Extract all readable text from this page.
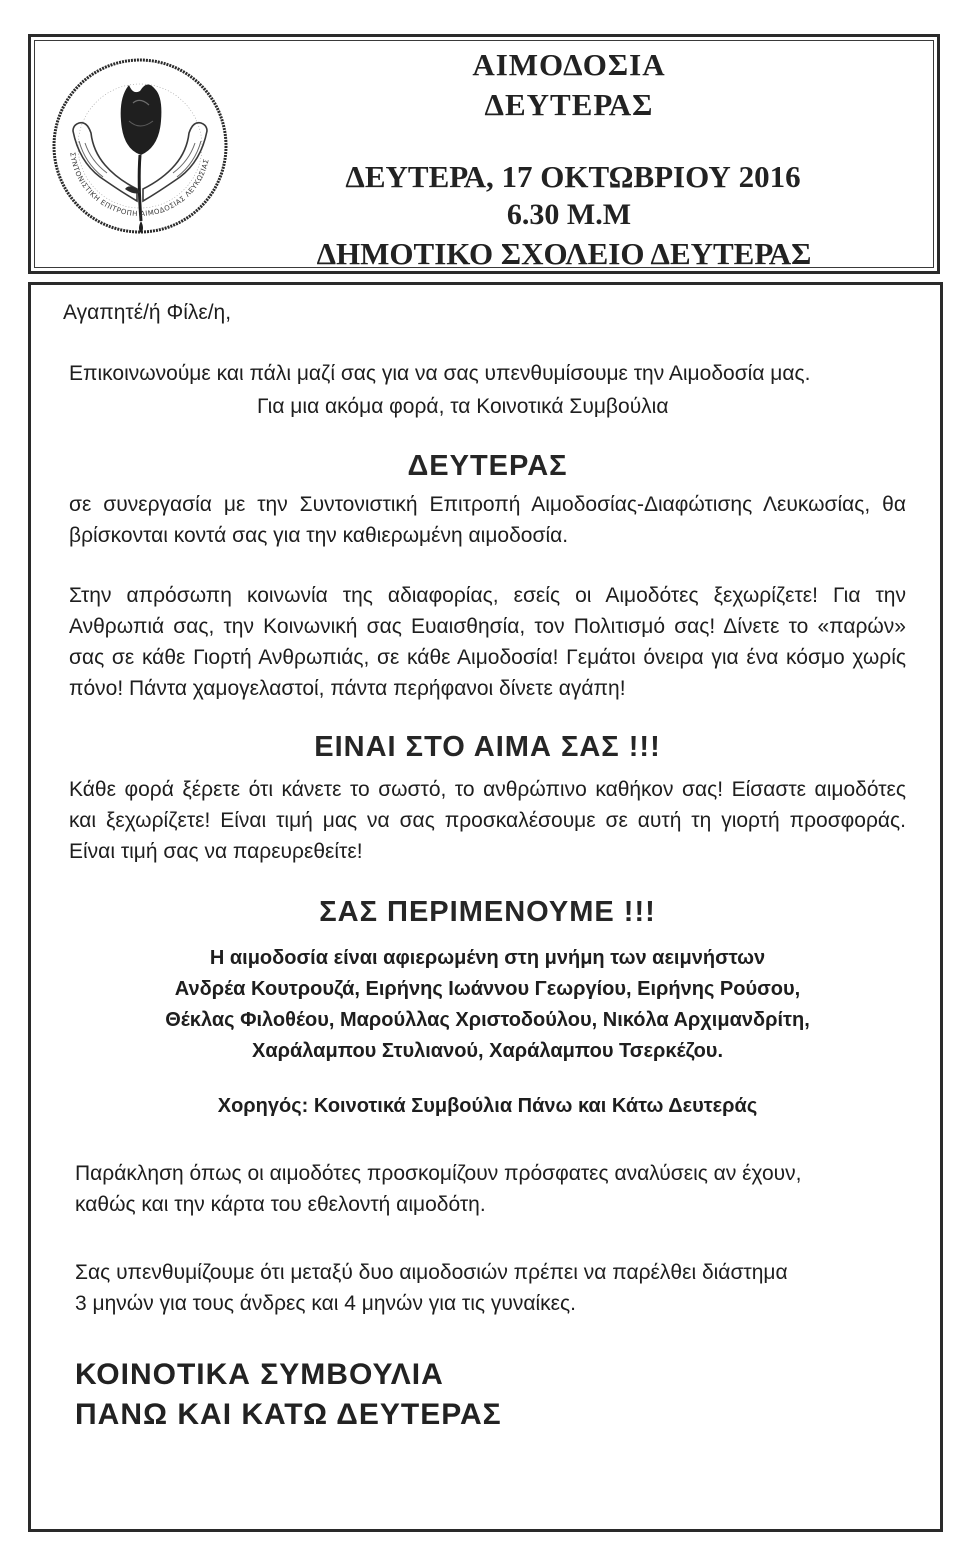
ΣΥΝΤΟΝΙΣΤΙΚΗ ΕΠΙΤΡΟΠΗ ΑΙΜΟΔΟΣΙΑΣ ΛΕΥΚΩΣΙΑΣ
ΑΙΜΟΔΟΣΙΑ
ΔΕΥΤΕΡΑΣ
ΔΕΥΤΕΡΑ, 17 ΟΚΤΩΒΡΙΟΥ 2016
6.30 Μ.Μ
ΔΗΜΟΤΙΚΟ ΣΧΟΛΕΙΟ ΔΕΥΤΕΡΑΣ

Αγαπητέ/ή Φίλε/η,

Επικοινωνούμε και πάλι μαζί σας για να σας υπενθυμίσουμε την Αιμοδοσία μας.

Για μια ακόμα φορά, τα Κοινοτικά Συμβούλια

ΔΕΥΤΕΡΑΣ

σε συνεργασία με την Συντονιστική Επιτροπή Αιμοδοσίας-Διαφώτισης Λευκωσίας, θα βρίσκονται κοντά σας για την καθιερωμένη αιμοδοσία.

Στην απρόσωπη κοινωνία της αδιαφορίας, εσείς οι Αιμοδότες ξεχωρίζετε! Για την Ανθρωπιά σας, την Κοινωνική σας Ευαισθησία, τον Πολιτισμό σας! Δίνετε το «παρών» σας σε κάθε Γιορτή Ανθρωπιάς, σε κάθε Αιμοδοσία! Γεμάτοι όνειρα για ένα κόσμο χωρίς πόνο! Πάντα χαμογελαστοί, πάντα περήφανοι δίνετε αγάπη!

ΕΙΝΑΙ ΣΤΟ ΑΙΜΑ ΣΑΣ !!!

Κάθε φορά ξέρετε ότι κάνετε το σωστό, το ανθρώπινο καθήκον σας! Είσαστε αιμοδότες και ξεχωρίζετε! Είναι τιμή μας να σας προσκαλέσουμε σε αυτή τη γιορτή προσφοράς. Είναι τιμή σας να παρευρεθείτε!

ΣΑΣ ΠΕΡΙΜΕΝΟΥΜΕ !!!

Η αιμοδοσία είναι αφιερωμένη στη μνήμη των αειμνήστων

Ανδρέα Κουτρουζά, Ειρήνης Ιωάννου Γεωργίου, Ειρήνης Ρούσου,

Θέκλας Φιλοθέου, Μαρούλλας Χριστοδούλου, Νικόλα Αρχιμανδρίτη,

Χαράλαμπου Στυλιανού, Χαράλαμπου Τσερκέζου.

Χορηγός: Κοινοτικά Συμβούλια Πάνω και Κάτω Δευτεράς

Παράκληση όπως οι αιμοδότες προσκομίζουν πρόσφατες αναλύσεις αν έχουν,

καθώς και την κάρτα του εθελοντή αιμοδότη.

Σας υπενθυμίζουμε ότι μεταξύ δυο αιμοδοσιών πρέπει να παρέλθει διάστημα

3 μηνών για τους άνδρες και 4 μηνών για τις γυναίκες.

ΚΟΙΝΟΤΙΚΑ ΣΥΜΒΟΥΛΙΑ

ΠΑΝΩ ΚΑΙ ΚΑΤΩ ΔΕΥΤΕΡΑΣ
